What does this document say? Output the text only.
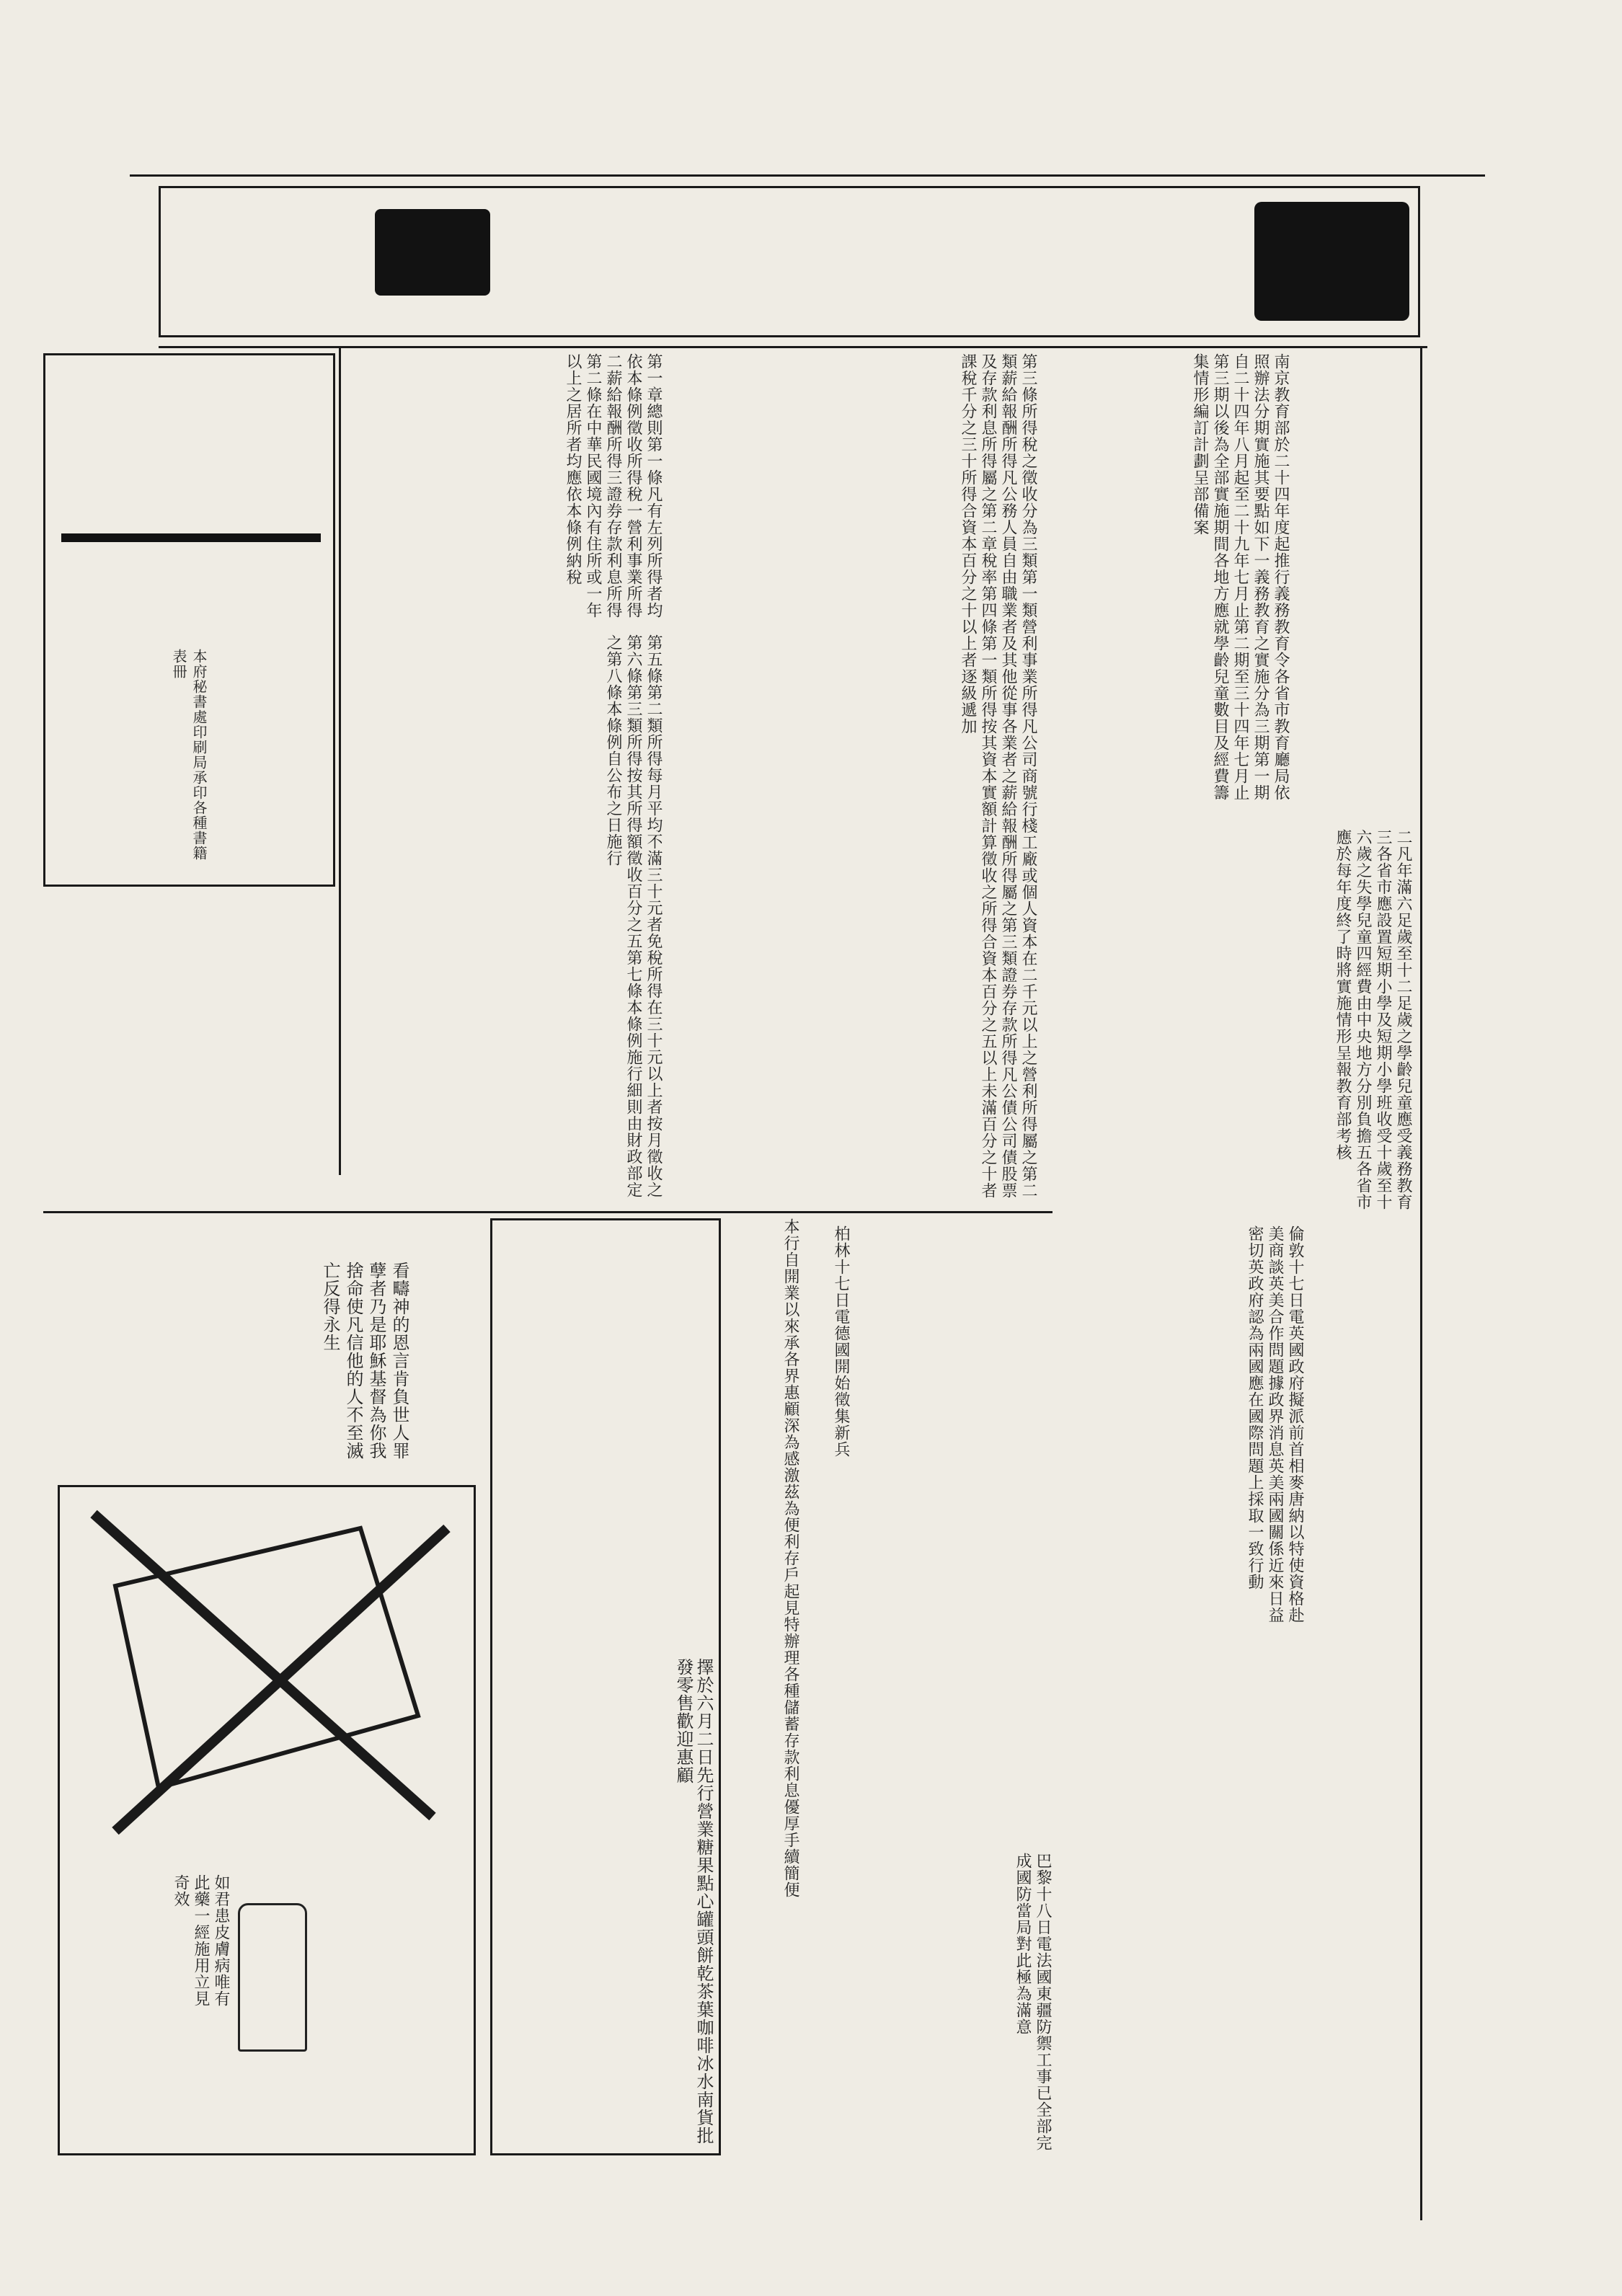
南京教育部於二十四年度起推行義務教育令各省市教育廳局依照辦法分期實施其要點如下一義務教育之實施分為三期第一期自二十四年八月起至二十九年七月止第二期至三十四年七月止第三期以後為全部實施期間各地方應就學齡兒童數目及經費籌集情形編訂計劃呈部備案
二凡年滿六足歲至十二足歲之學齡兒童應受義務教育三各省市應設置短期小學及短期小學班收受十歲至十六歲之失學兒童四經費由中央地方分別負擔五各省市應於每年度終了時將實施情形呈報教育部考核
第一章總則第一條凡有左列所得者均依本條例徵收所得稅一營利事業所得二薪給報酬所得三證券存款利息所得第二條在中華民國境內有住所或一年以上之居所者均應依本條例納稅	第三條所得稅之徵收分為三類第一類營利事業所得凡公司商號行棧工廠或個人資本在二千元以上之營利所得屬之第二類薪給報酬所得凡公務人員自由職業者及其他從事各業者之薪給報酬所得屬之第三類證券存款所得凡公債公司債股票及存款利息所得屬之第二章稅率第四條第一類所得按其資本實額計算徵收之所得合資本百分之五以上未滿百分之十者課稅千分之三十所得合資本百分之十以上者逐級遞加
第五條第二類所得每月平均不滿三十元者免稅所得在三十元以上者按月徵收之第六條第三類所得按其所得額徵收百分之五第七條本條例施行細則由財政部定之第八條本條例自公布之日施行
本府秘書處印刷局承印各種書籍表冊
看疇神的恩言肯負世人罪孽者乃是耶穌基督為你我捨命使凡信他的人不至滅亡反得永生
擇於六月二日先行營業糖果點心罐頭餅乾茶葉咖啡冰水南貨批發零售歡迎惠顧	本行自開業以來承各界惠顧深為感激茲為便利存戶起見特辦理各種儲蓄存款利息優厚手續簡便	柏林十七日電德國開始徵集新兵
如君患皮膚病唯有此藥一經施用立見奇效
倫敦十七日電英國政府擬派前首相麥唐納以特使資格赴美商談英美合作問題據政界消息英美兩國關係近來日益密切英政府認為兩國應在國際問題上採取一致行動
巴黎十八日電法國東疆防禦工事已全部完成國防當局對此極為滿意
